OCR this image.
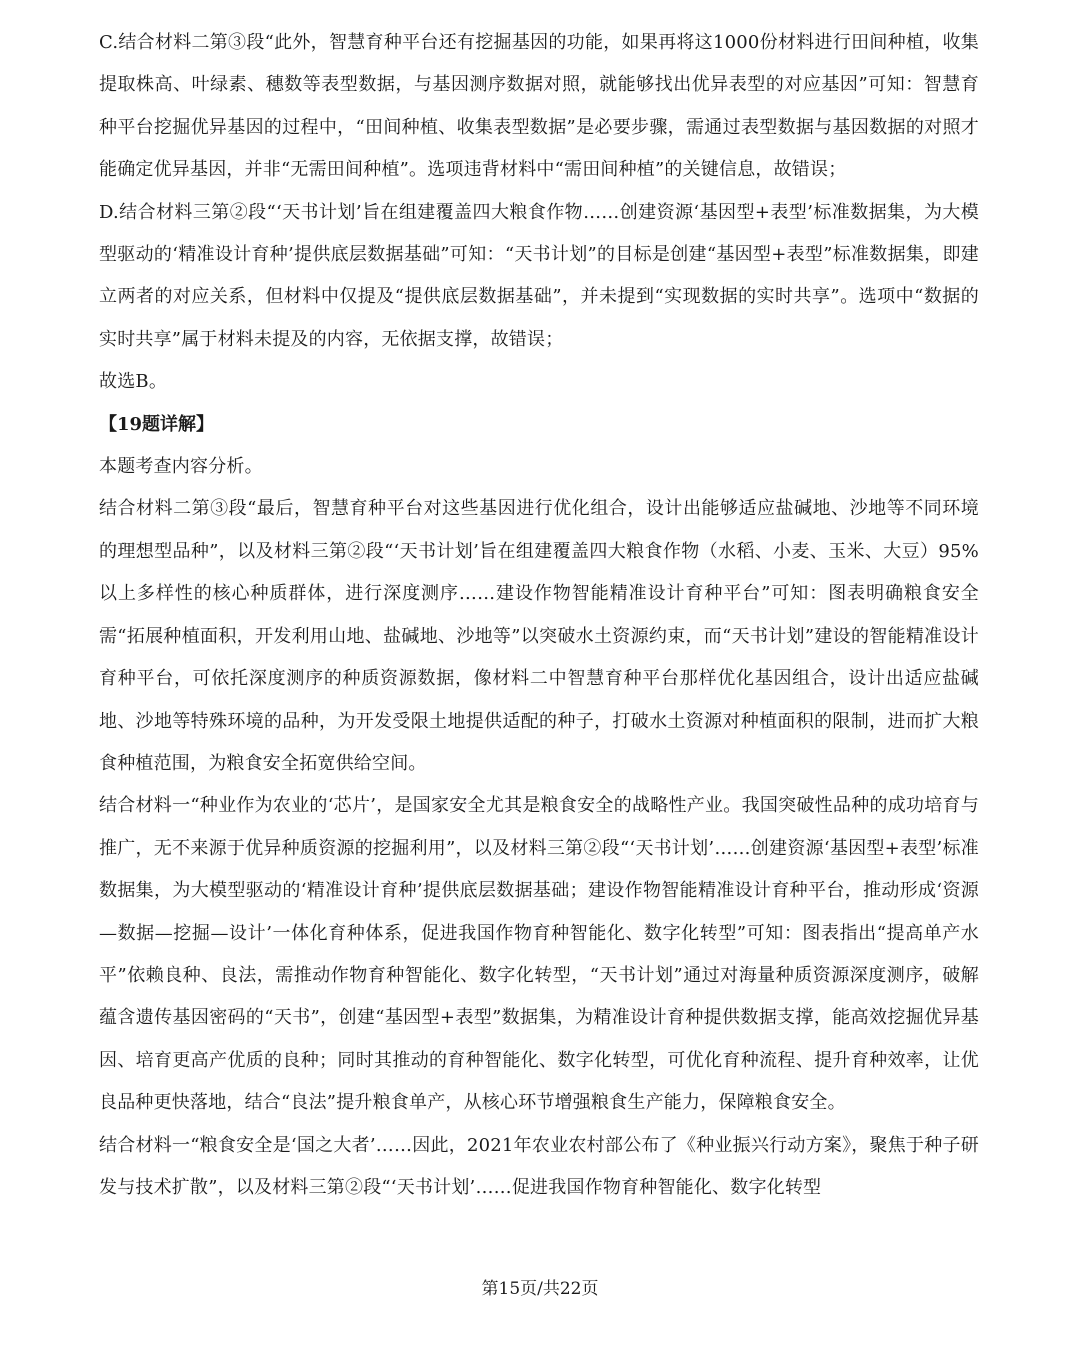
C.结合材料二第③段“此外，智慧育种平台还有挖掘基因的功能，如果再将这1000份材料进行田间种植，收集提取株高、叶绿素、穗数等表型数据，与基因测序数据对照，就能够找出优异表型的对应基因”可知：智慧育种平台挖掘优异基因的过程中，“田间种植、收集表型数据”是必要步骤，需通过表型数据与基因数据的对照才能确定优异基因，并非“无需田间种植”。选项违背材料中“需田间种植”的关键信息，故错误；

D.结合材料三第②段“‘天书计划’旨在组建覆盖四大粮食作物……创建资源‘基因型+表型’标准数据集，为大模型驱动的‘精准设计育种’提供底层数据基础”可知：“天书计划”的目标是创建“基因型+表型”标准数据集，即建立两者的对应关系，但材料中仅提及“提供底层数据基础”，并未提到“实现数据的实时共享”。选项中“数据的实时共享”属于材料未提及的内容，无依据支撑，故错误；

故选B。

【19题详解】

本题考查内容分析。

结合材料二第③段“最后，智慧育种平台对这些基因进行优化组合，设计出能够适应盐碱地、沙地等不同环境的理想型品种”，以及材料三第②段“‘天书计划’旨在组建覆盖四大粮食作物（水稻、小麦、玉米、大豆）95%以上多样性的核心种质群体，进行深度测序……建设作物智能精准设计育种平台”可知：图表明确粮食安全需“拓展种植面积，开发利用山地、盐碱地、沙地等”以突破水土资源约束，而“天书计划”建设的智能精准设计育种平台，可依托深度测序的种质资源数据，像材料二中智慧育种平台那样优化基因组合，设计出适应盐碱地、沙地等特殊环境的品种，为开发受限土地提供适配的种子，打破水土资源对种植面积的限制，进而扩大粮食种植范围，为粮食安全拓宽供给空间。

结合材料一“种业作为农业的‘芯片’，是国家安全尤其是粮食安全的战略性产业。我国突破性品种的成功培育与推广，无不来源于优异种质资源的挖掘利用”，以及材料三第②段“‘天书计划’……创建资源‘基因型+表型’标准数据集，为大模型驱动的‘精准设计育种’提供底层数据基础；建设作物智能精准设计育种平台，推动形成‘资源—数据—挖掘—设计’一体化育种体系，促进我国作物育种智能化、数字化转型”可知：图表指出“提高单产水平”依赖良种、良法，需推动作物育种智能化、数字化转型，“天书计划”通过对海量种质资源深度测序，破解蕴含遗传基因密码的“天书”，创建“基因型+表型”数据集，为精准设计育种提供数据支撑，能高效挖掘优异基因、培育更高产优质的良种；同时其推动的育种智能化、数字化转型，可优化育种流程、提升育种效率，让优良品种更快落地，结合“良法”提升粮食单产，从核心环节增强粮食生产能力，保障粮食安全。

结合材料一“粮食安全是‘国之大者’……因此，2021年农业农村部公布了《种业振兴行动方案》，聚焦于种子研发与技术扩散”，以及材料三第②段“‘天书计划’……促进我国作物育种智能化、数字化转型

第15页/共22页
